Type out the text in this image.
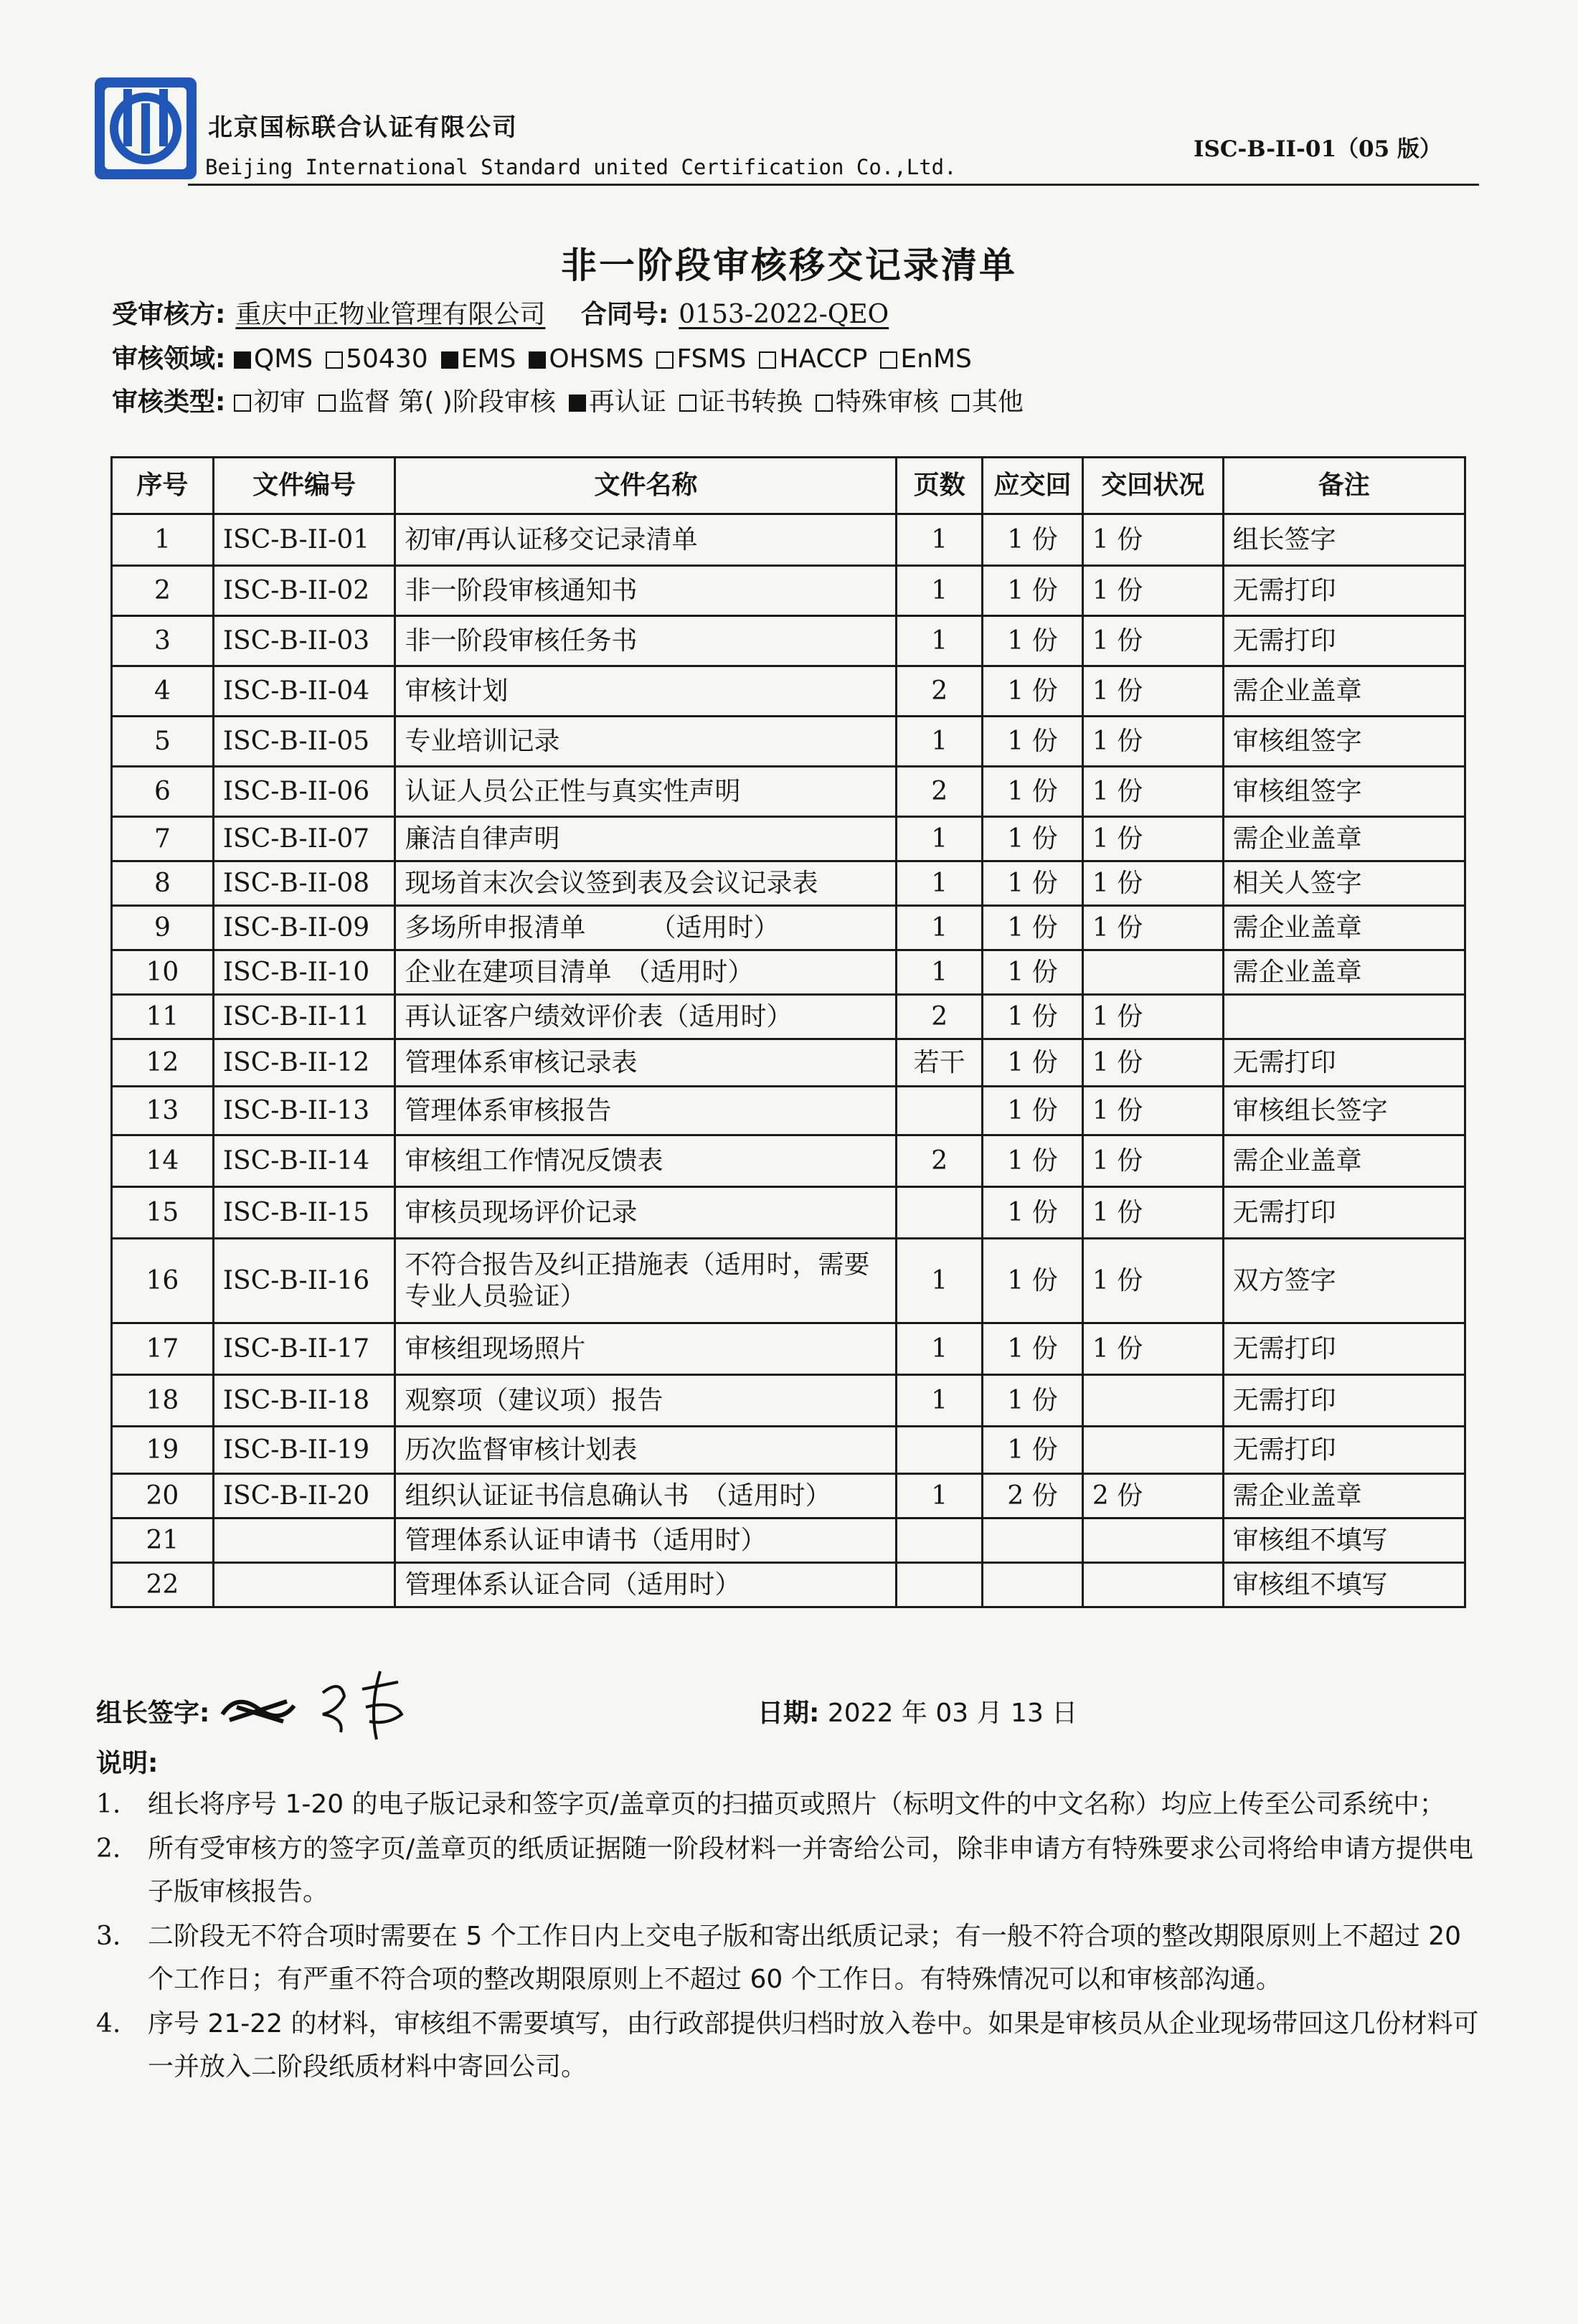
北京国标联合认证有限公司
Beijing International Standard united Certification Co.,Ltd.
ISC-B-II-01（05 版）
非一阶段审核移交记录清单
受审核方: 重庆中正物业管理有限公司 合同号: 0153-2022-QEO
审核领域: QMS 50430 EMS OHSMS FSMS HACCP EnMS
审核类型: 初审 监督 第( )阶段审核 再认证 证书转换 特殊审核 其他
序号	文件编号	文件名称	页数	应交回	交回状况	备注
1	ISC-B-II-01	初审/再认证移交记录清单	1	1 份	1 份	组长签字
2	ISC-B-II-02	非一阶段审核通知书	1	1 份	1 份	无需打印
3	ISC-B-II-03	非一阶段审核任务书	1	1 份	1 份	无需打印
4	ISC-B-II-04	审核计划	2	1 份	1 份	需企业盖章
5	ISC-B-II-05	专业培训记录	1	1 份	1 份	审核组签字
6	ISC-B-II-06	认证人员公正性与真实性声明	2	1 份	1 份	审核组签字
7	ISC-B-II-07	廉洁自律声明	1	1 份	1 份	需企业盖章
8	ISC-B-II-08	现场首末次会议签到表及会议记录表	1	1 份	1 份	相关人签字
9	ISC-B-II-09	多场所申报清单　　　（适用时）	1	1 份	1 份	需企业盖章
10	ISC-B-II-10	企业在建项目清单　（适用时）	1	1 份		需企业盖章
11	ISC-B-II-11	再认证客户绩效评价表（适用时）	2	1 份	1 份	
12	ISC-B-II-12	管理体系审核记录表	若干	1 份	1 份	无需打印
13	ISC-B-II-13	管理体系审核报告		1 份	1 份	审核组长签字
14	ISC-B-II-14	审核组工作情况反馈表	2	1 份	1 份	需企业盖章
15	ISC-B-II-15	审核员现场评价记录		1 份	1 份	无需打印
16	ISC-B-II-16	不符合报告及纠正措施表（适用时，需要专业人员验证）	1	1 份	1 份	双方签字
17	ISC-B-II-17	审核组现场照片	1	1 份	1 份	无需打印
18	ISC-B-II-18	观察项（建议项）报告	1	1 份		无需打印
19	ISC-B-II-19	历次监督审核计划表		1 份		无需打印
20	ISC-B-II-20	组织认证证书信息确认书　（适用时）	1	2 份	2 份	需企业盖章
21		管理体系认证申请书（适用时）				审核组不填写
22		管理体系认证合同（适用时）				审核组不填写
组长签字:	日期: 2022 年 03 月 13 日
说明:
1.	组长将序号 1-20 的电子版记录和签字页/盖章页的扫描页或照片（标明文件的中文名称）均应上传至公司系统中；
2.	所有受审核方的签字页/盖章页的纸质证据随一阶段材料一并寄给公司，除非申请方有特殊要求公司将给申请方提供电子版审核报告。
3.	二阶段无不符合项时需要在 5 个工作日内上交电子版和寄出纸质记录；有一般不符合项的整改期限原则上不超过 20 个工作日；有严重不符合项的整改期限原则上不超过 60 个工作日。有特殊情况可以和审核部沟通。
4.	序号 21-22 的材料，审核组不需要填写，由行政部提供归档时放入卷中。如果是审核员从企业现场带回这几份材料可一并放入二阶段纸质材料中寄回公司。
